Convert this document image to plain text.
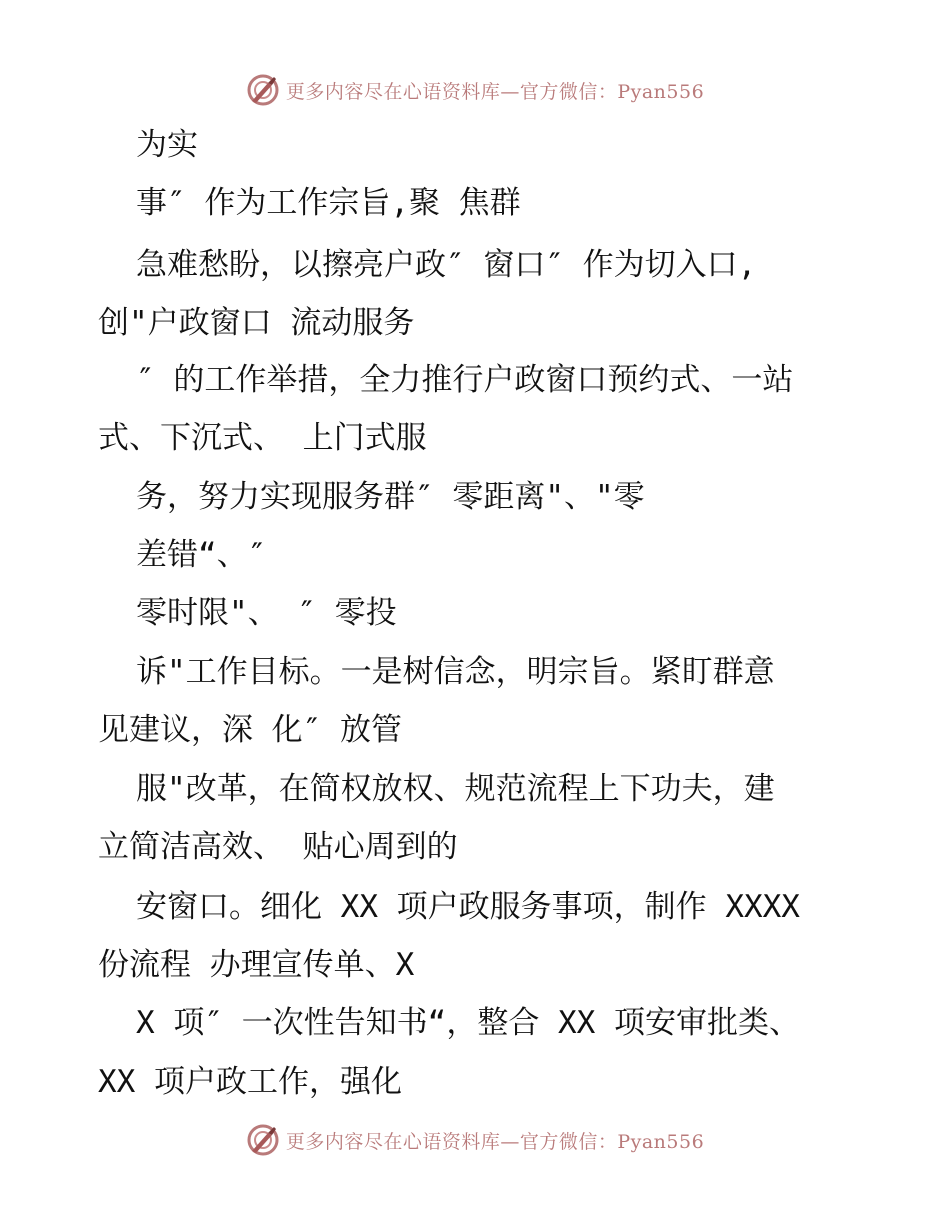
更多内容尽在心语资料库—官方微信：Pyan556
为实
事″ 作为工作宗旨,聚 焦群
急难愁盼，以擦亮户政″ 窗口″ 作为切入口,
创"户政窗口 流动服务
″ 的工作举措，全力推行户政窗口预约式、一站
式、下沉式、 上门式服
务，努力实现服务群″ 零距离"、"零
差错“、″
零时限"、 ″ 零投
诉"工作目标。一是树信念，明宗旨。紧盯群意
见建议，深 化″ 放管
服"改革，在简权放权、规范流程上下功夫，建
立简洁高效、 贴心周到的
安窗口。细化 XX 项户政服务事项，制作 XXXX
份流程 办理宣传单、X
X 项″ 一次性告知书“，整合 XX 项安审批类、
XX 项户政工作，强化
更多内容尽在心语资料库—官方微信：Pyan556
